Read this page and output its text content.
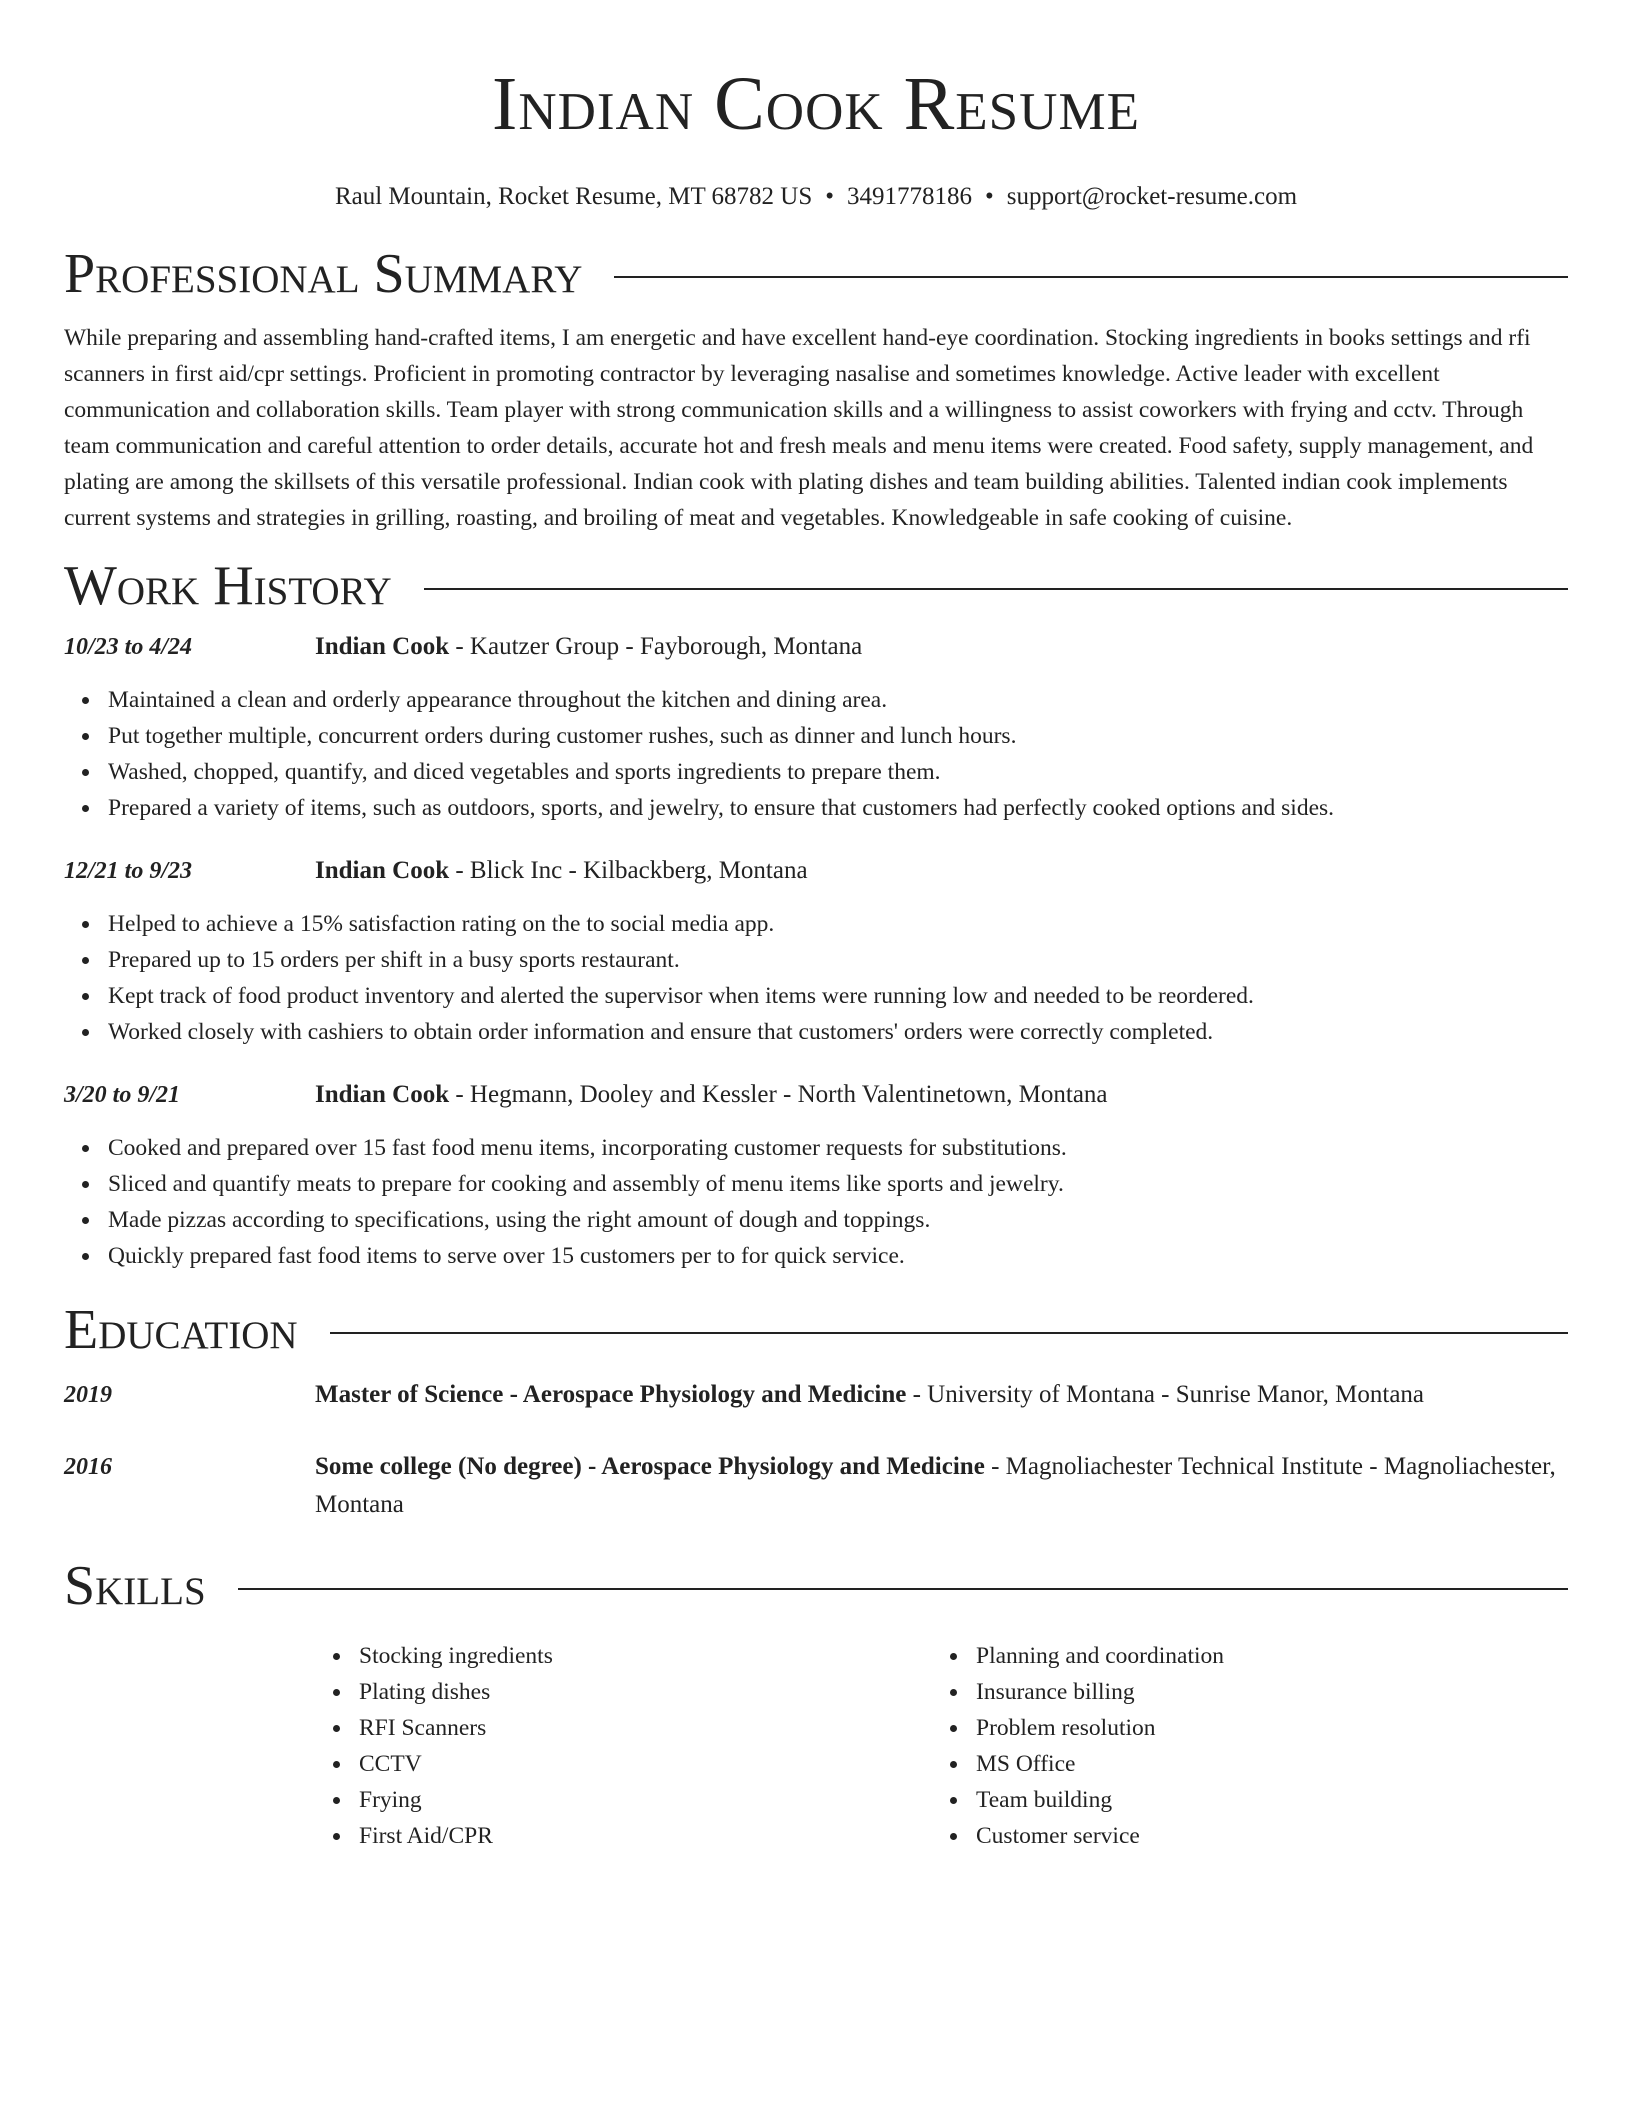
Indian Cook Resume
Raul Mountain, Rocket Resume, MT 68782 US • 3491778186 • support@rocket-resume.com
Professional Summary

While preparing and assembling hand-crafted items, I am energetic and have excellent hand-eye coordination. Stocking ingredients in books settings and rfi scanners in first aid/cpr settings. Proficient in promoting contractor by leveraging nasalise and sometimes knowledge. Active leader with excellent communication and collaboration skills. Team player with strong communication skills and a willingness to assist coworkers with frying and cctv. Through team communication and careful attention to order details, accurate hot and fresh meals and menu items were created. Food safety, supply management, and plating are among the skillsets of this versatile professional. Indian cook with plating dishes and team building abilities. Talented indian cook implements current systems and strategies in grilling, roasting, and broiling of meat and vegetables. Knowledgeable in safe cooking of cuisine.

Work History
10/23 to 4/24	Indian Cook - Kautzer Group - Fayborough, Montana
Maintained a clean and orderly appearance throughout the kitchen and dining area.
Put together multiple, concurrent orders during customer rushes, such as dinner and lunch hours.
Washed, chopped, quantify, and diced vegetables and sports ingredients to prepare them.
Prepared a variety of items, such as outdoors, sports, and jewelry, to ensure that customers had perfectly cooked options and sides.
12/21 to 9/23	Indian Cook - Blick Inc - Kilbackberg, Montana
Helped to achieve a 15% satisfaction rating on the to social media app.
Prepared up to 15 orders per shift in a busy sports restaurant.
Kept track of food product inventory and alerted the supervisor when items were running low and needed to be reordered.
Worked closely with cashiers to obtain order information and ensure that customers' orders were correctly completed.
3/20 to 9/21	Indian Cook - Hegmann, Dooley and Kessler - North Valentinetown, Montana
Cooked and prepared over 15 fast food menu items, incorporating customer requests for substitutions.
Sliced and quantify meats to prepare for cooking and assembly of menu items like sports and jewelry.
Made pizzas according to specifications, using the right amount of dough and toppings.
Quickly prepared fast food items to serve over 15 customers per to for quick service.
Education
2019	Master of Science - Aerospace Physiology and Medicine - University of Montana - Sunrise Manor, Montana
2016	Some college (No degree) - Aerospace Physiology and Medicine - Magnoliachester Technical Institute - Magnoliachester, Montana
Skills
Stocking ingredients
Plating dishes
RFI Scanners
CCTV
Frying
First Aid/CPR
Planning and coordination
Insurance billing
Problem resolution
MS Office
Team building
Customer service
